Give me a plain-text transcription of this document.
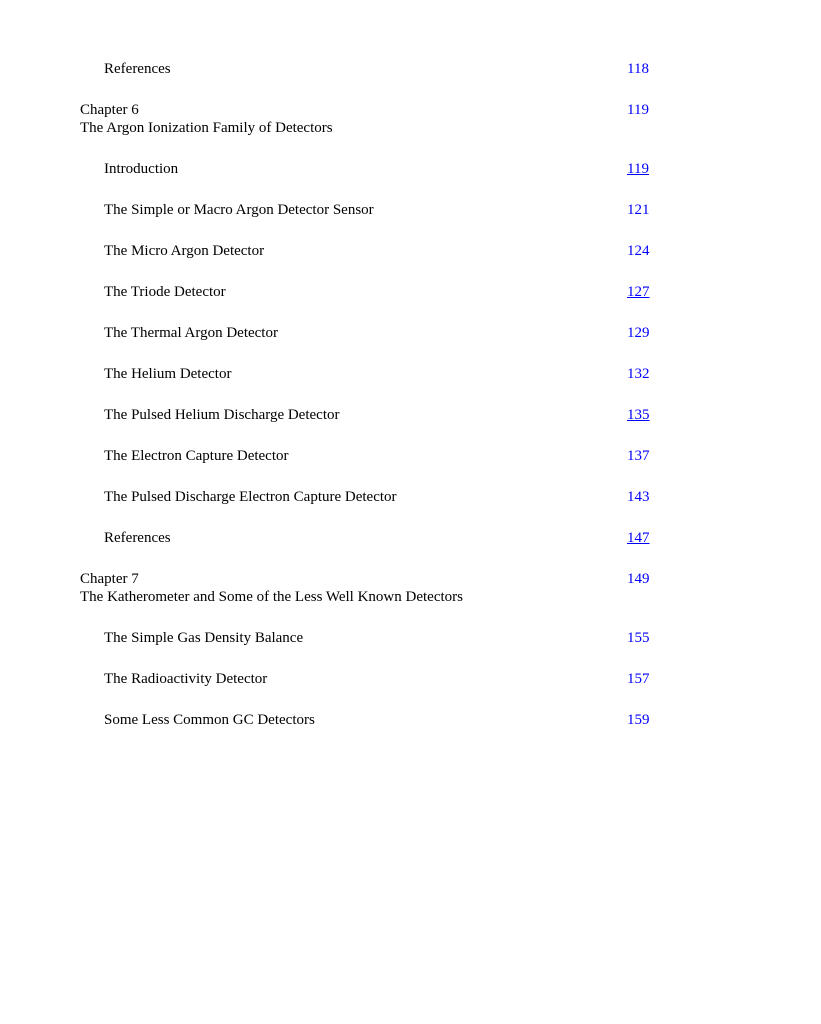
References	118
Chapter 6	119
The Argon Ionization Family of Detectors
Introduction	119
The Simple or Macro Argon Detector Sensor	121
The Micro Argon Detector	124
The Triode Detector	127
The Thermal Argon Detector	129
The Helium Detector	132
The Pulsed Helium Discharge Detector	135
The Electron Capture Detector	137
The Pulsed Discharge Electron Capture Detector	143
References	147
Chapter 7	149
The Katherometer and Some of the Less Well Known Detectors
The Simple Gas Density Balance	155
The Radioactivity Detector	157
Some Less Common GC Detectors	159
